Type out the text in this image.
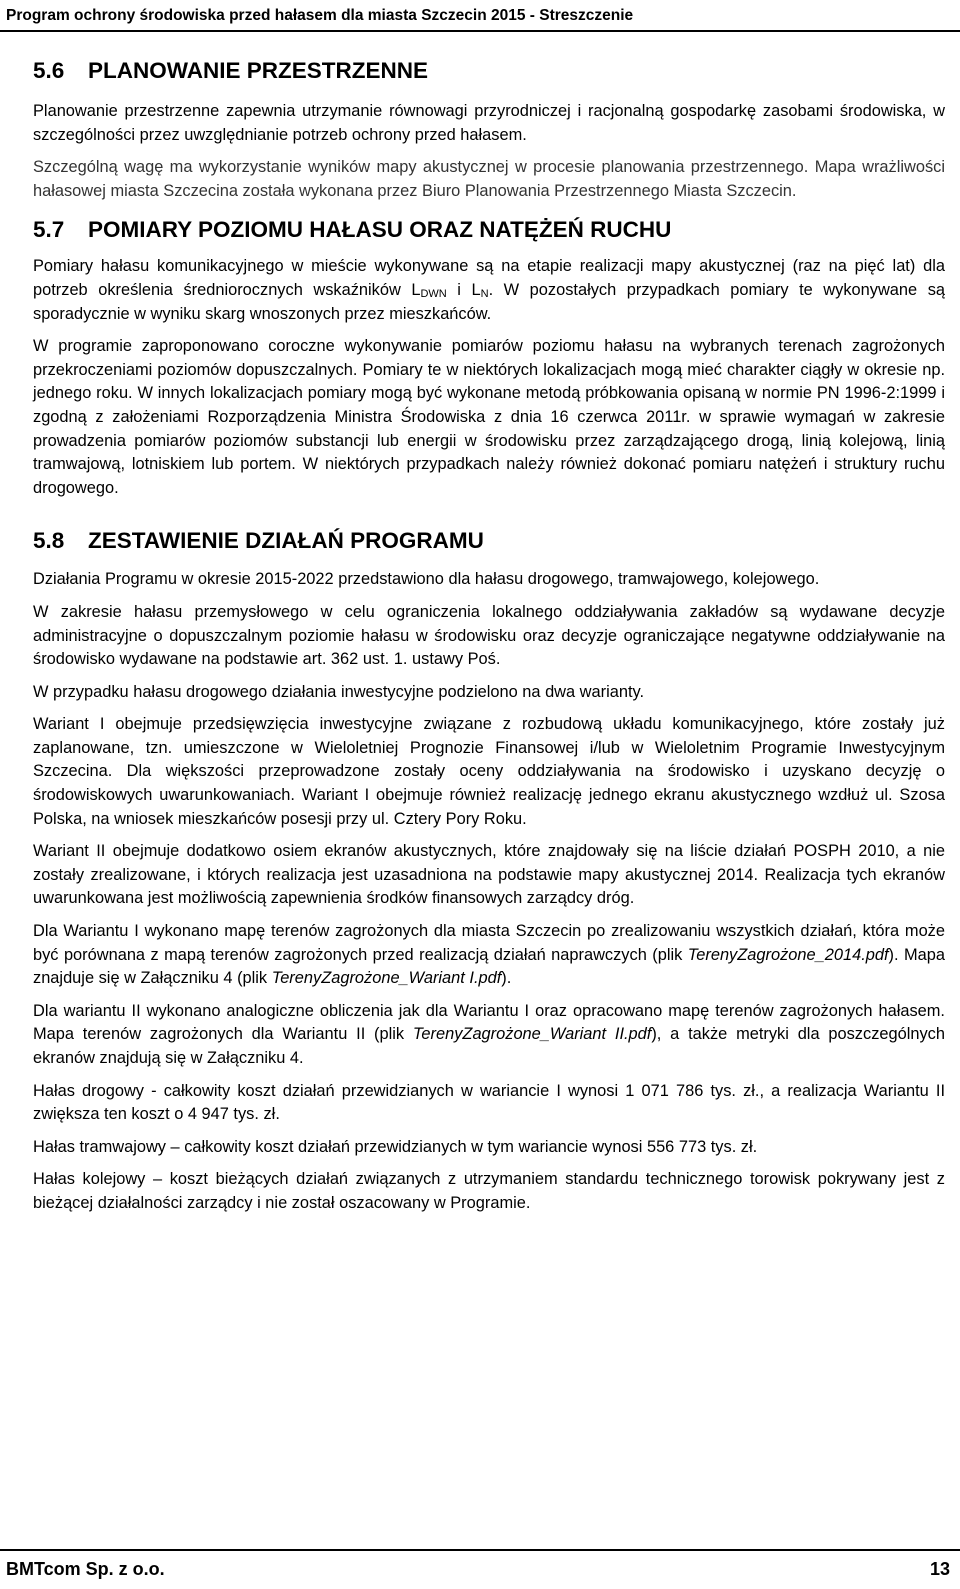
Program ochrony środowiska przed hałasem dla miasta Szczecin 2015 - Streszczenie
5.6 PLANOWANIE PRZESTRZENNE

Planowanie przestrzenne zapewnia utrzymanie równowagi przyrodniczej i racjonalną gospodarkę zasobami środowiska, w szczególności przez uwzględnianie potrzeb ochrony przed hałasem.

Szczególną wagę ma wykorzystanie wyników mapy akustycznej w procesie planowania przestrzennego. Mapa wrażliwości hałasowej miasta Szczecina została wykonana przez Biuro Planowania Przestrzennego Miasta Szczecin.

5.7 POMIARY POZIOMU HAŁASU ORAZ NATĘŻEŃ RUCHU

Pomiary hałasu komunikacyjnego w mieście wykonywane są na etapie realizacji mapy akustycznej (raz na pięć lat) dla potrzeb określenia średniorocznych wskaźników $L_{DWN}$ i $L_N$. W pozostałych przypadkach pomiary te wykonywane są sporadycznie w wyniku skarg wnoszonych przez mieszkańców.

W programie zaproponowano coroczne wykonywanie pomiarów poziomu hałasu na wybranych terenach zagrożonych przekroczeniami poziomów dopuszczalnych. Pomiary te w niektórych lokalizacjach mogą mieć charakter ciągły w okresie np. jednego roku. W innych lokalizacjach pomiary mogą być wykonane metodą próbkowania opisaną w normie PN 1996-2:1999 i zgodną z założeniami Rozporządzenia Ministra Środowiska z dnia 16 czerwca 2011r. w sprawie wymagań w zakresie prowadzenia pomiarów poziomów substancji lub energii w środowisku przez zarządzającego drogą, linią kolejową, linią tramwajową, lotniskiem lub portem. W niektórych przypadkach należy również dokonać pomiaru natężeń i struktury ruchu drogowego.

5.8 ZESTAWIENIE DZIAŁAŃ PROGRAMU

Działania Programu w okresie 2015-2022 przedstawiono dla hałasu drogowego, tramwajowego, kolejowego.

W zakresie hałasu przemysłowego w celu ograniczenia lokalnego oddziaływania zakładów są wydawane decyzje administracyjne o dopuszczalnym poziomie hałasu w środowisku oraz decyzje ograniczające negatywne oddziaływanie na środowisko wydawane na podstawie art. 362 ust. 1. ustawy Poś.

W przypadku hałasu drogowego działania inwestycyjne podzielono na dwa warianty.

Wariant I obejmuje przedsięwzięcia inwestycyjne związane z rozbudową układu komunikacyjnego, które zostały już zaplanowane, tzn. umieszczone w Wieloletniej Prognozie Finansowej i/lub w Wieloletnim Programie Inwestycyjnym Szczecina. Dla większości przeprowadzone zostały oceny oddziaływania na środowisko i uzyskano decyzję o środowiskowych uwarunkowaniach. Wariant I obejmuje również realizację jednego ekranu akustycznego wzdłuż ul. Szosa Polska, na wniosek mieszkańców posesji przy ul. Cztery Pory Roku.

Wariant II obejmuje dodatkowo osiem ekranów akustycznych, które znajdowały się na liście działań POSPH 2010, a nie zostały zrealizowane, i których realizacja jest uzasadniona na podstawie mapy akustycznej 2014. Realizacja tych ekranów uwarunkowana jest możliwością zapewnienia środków finansowych zarządcy dróg.

Dla Wariantu I wykonano mapę terenów zagrożonych dla miasta Szczecin po zrealizowaniu wszystkich działań, która może być porównana z mapą terenów zagrożonych przed realizacją działań naprawczych (plik TerenyZagrożone_2014.pdf). Mapa znajduje się w Załączniku 4 (plik TerenyZagrożone_Wariant I.pdf).

Dla wariantu II wykonano analogiczne obliczenia jak dla Wariantu I oraz opracowano mapę terenów zagrożonych hałasem. Mapa terenów zagrożonych dla Wariantu II (plik TerenyZagrożone_Wariant II.pdf), a także metryki dla poszczególnych ekranów znajdują się w Załączniku 4.

Hałas drogowy - całkowity koszt działań przewidzianych w wariancie I wynosi 1 071 786 tys. zł., a realizacja Wariantu II zwiększa ten koszt o 4 947 tys. zł.

Hałas tramwajowy – całkowity koszt działań przewidzianych w tym wariancie wynosi 556 773 tys. zł.

Hałas kolejowy – koszt bieżących działań związanych z utrzymaniem standardu technicznego torowisk pokrywany jest z bieżącej działalności zarządcy i nie został oszacowany w Programie.

BMTcom Sp. z o.o.	13
